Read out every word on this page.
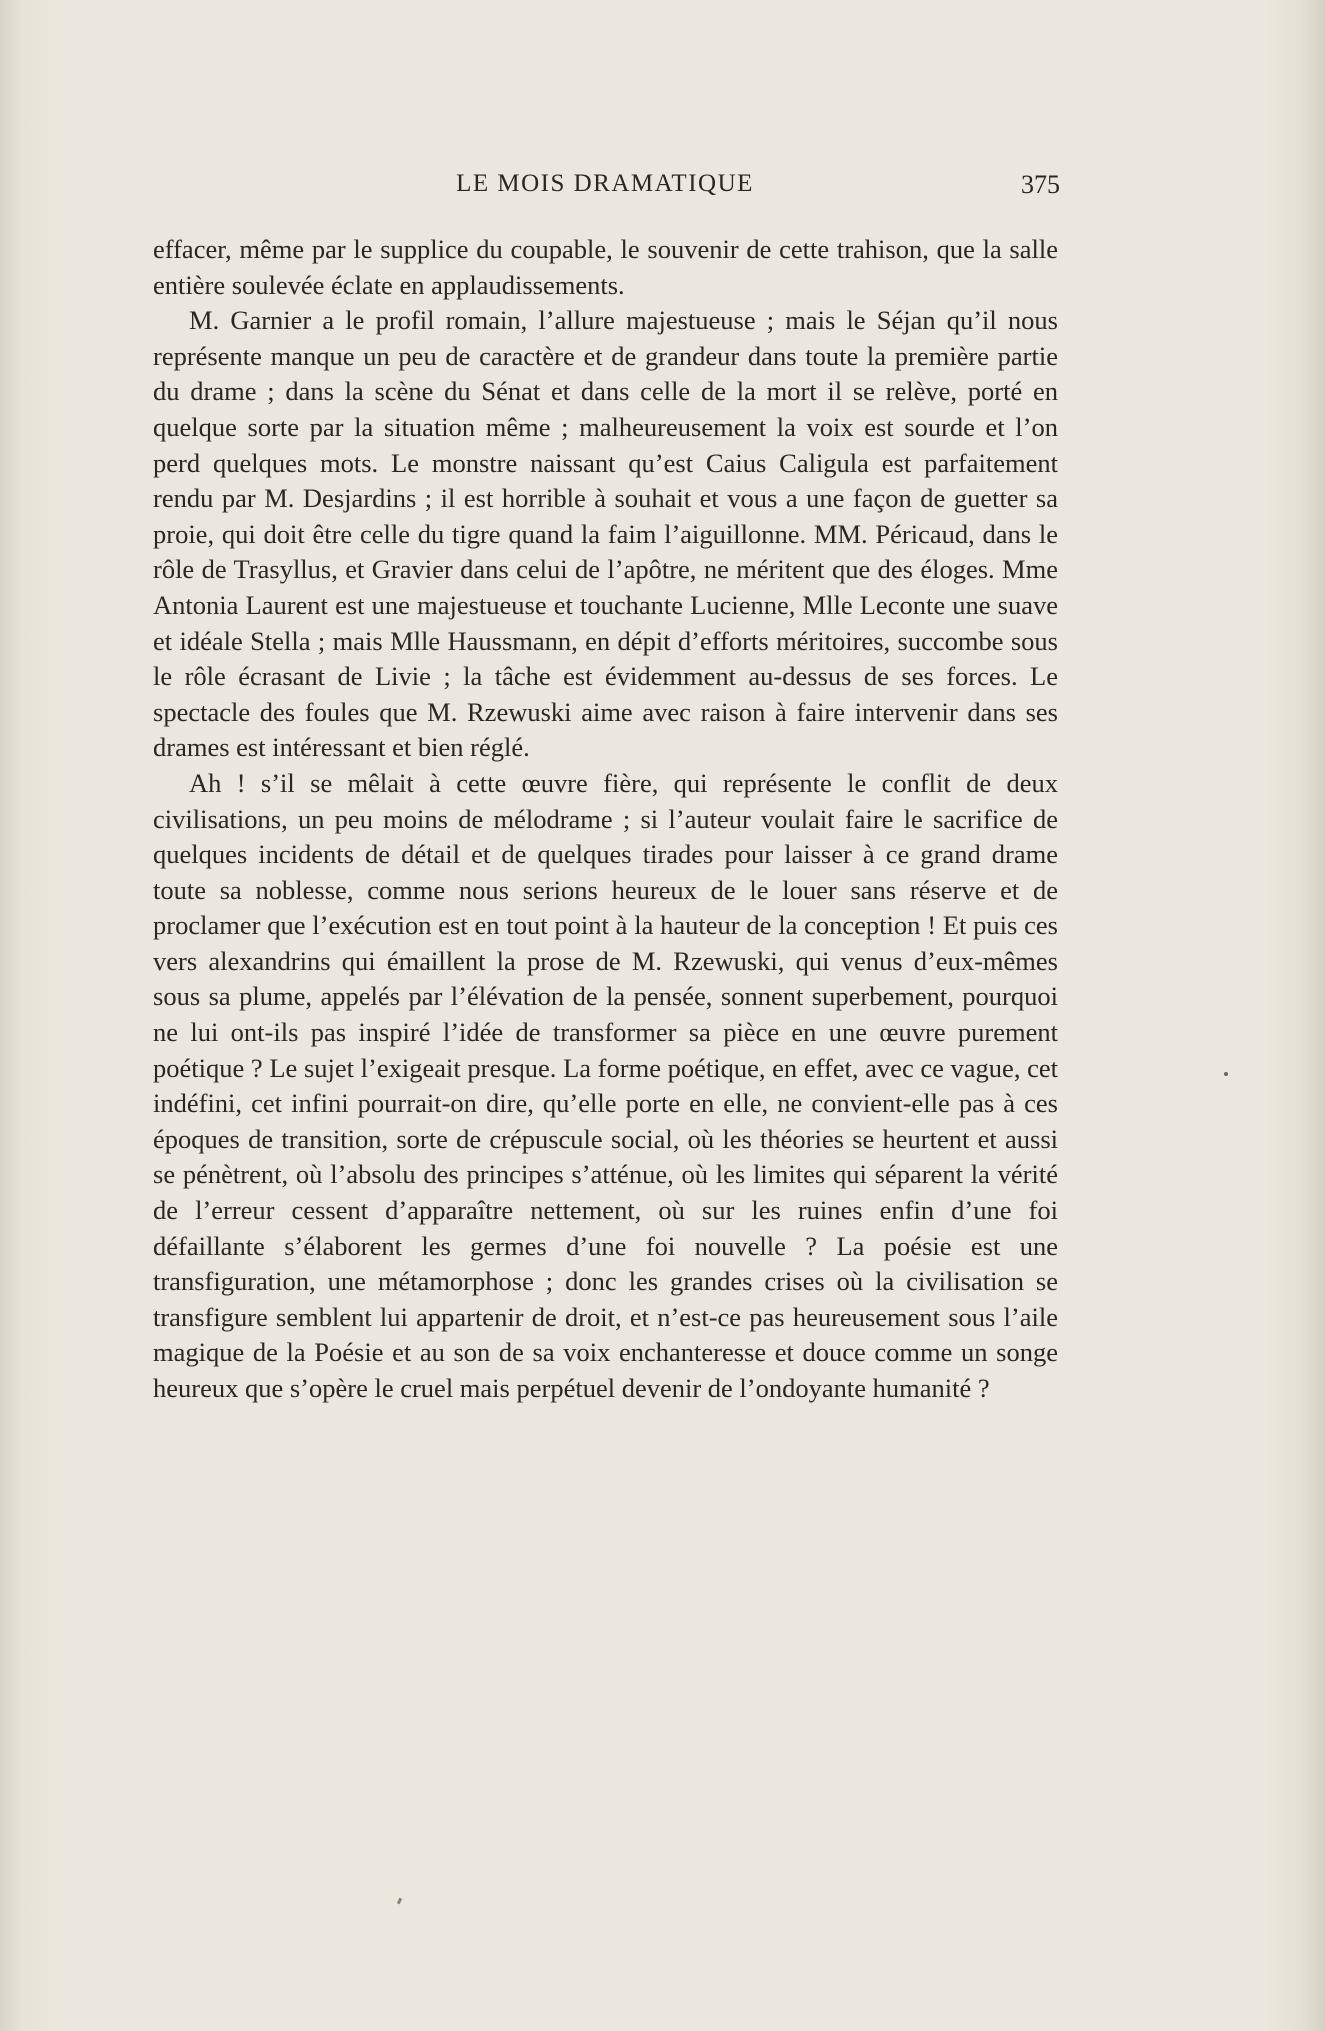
LE MOIS DRAMATIQUE	375

effacer, même par le supplice du coupable, le souvenir de cette trahison, que la salle entière soulevée éclate en applaudissements.

M. Garnier a le profil romain, l’allure majestueuse ; mais le Séjan qu’il nous représente manque un peu de caractère et de grandeur dans toute la première partie du drame ; dans la scène du Sénat et dans celle de la mort il se relève, porté en quelque sorte par la situation même ; malheureusement la voix est sourde et l’on perd quelques mots. Le monstre naissant qu’est Caius Caligula est parfaitement rendu par M. Desjardins ; il est horrible à souhait et vous a une façon de guetter sa proie, qui doit être celle du tigre quand la faim l’aiguillonne. MM. Péricaud, dans le rôle de Trasyllus, et Gravier dans celui de l’apôtre, ne méritent que des éloges. Mme Antonia Laurent est une majestueuse et touchante Lucienne, Mlle Leconte une suave et idéale Stella ; mais Mlle Haussmann, en dépit d’efforts méritoires, succombe sous le rôle écrasant de Livie ; la tâche est évidemment au-dessus de ses forces. Le spectacle des foules que M. Rzewuski aime avec raison à faire intervenir dans ses drames est intéressant et bien réglé.

Ah ! s’il se mêlait à cette œuvre fière, qui représente le conflit de deux civilisations, un peu moins de mélodrame ; si l’auteur voulait faire le sacrifice de quelques incidents de détail et de quelques tirades pour laisser à ce grand drame toute sa noblesse, comme nous serions heureux de le louer sans réserve et de proclamer que l’exécution est en tout point à la hauteur de la conception ! Et puis ces vers alexandrins qui émaillent la prose de M. Rzewuski, qui venus d’eux-mêmes sous sa plume, appelés par l’élévation de la pensée, sonnent superbement, pourquoi ne lui ont-ils pas inspiré l’idée de transformer sa pièce en une œuvre purement poétique ? Le sujet l’exigeait presque. La forme poétique, en effet, avec ce vague, cet indéfini, cet infini pourrait-on dire, qu’elle porte en elle, ne convient-elle pas à ces époques de transition, sorte de crépuscule social, où les théories se heurtent et aussi se pénètrent, où l’absolu des principes s’atténue, où les limites qui séparent la vérité de l’erreur cessent d’apparaître nettement, où sur les ruines enfin d’une foi défaillante s’élaborent les germes d’une foi nouvelle ? La poésie est une transfiguration, une métamorphose ; donc les grandes crises où la civilisation se transfigure semblent lui appartenir de droit, et n’est-ce pas heureusement sous l’aile magique de la Poésie et au son de sa voix enchanteresse et douce comme un songe heureux que s’opère le cruel mais perpétuel devenir de l’ondoyante humanité ?
